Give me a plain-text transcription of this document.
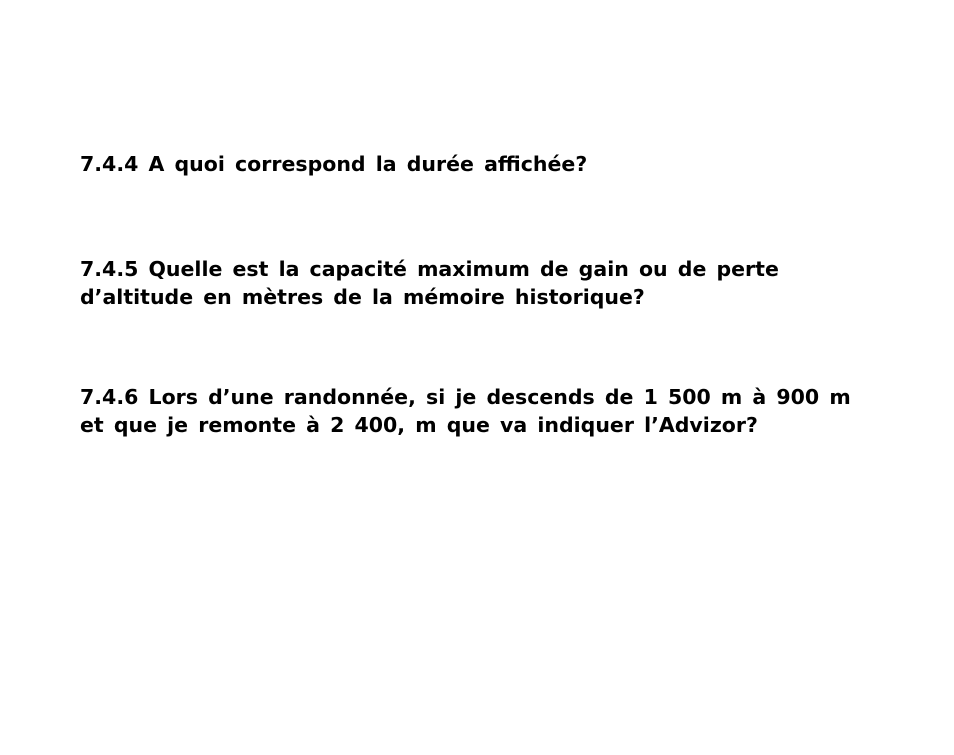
7.4.4 A quoi correspond la durée affichée?

7.4.5 Quelle est la capacité maximum de gain ou de perte
d’altitude en mètres de la mémoire historique?

7.4.6 Lors d’une randonnée, si je descends de 1 500 m à 900 m
et que je remonte à 2 400, m que va indiquer l’Advizor?
